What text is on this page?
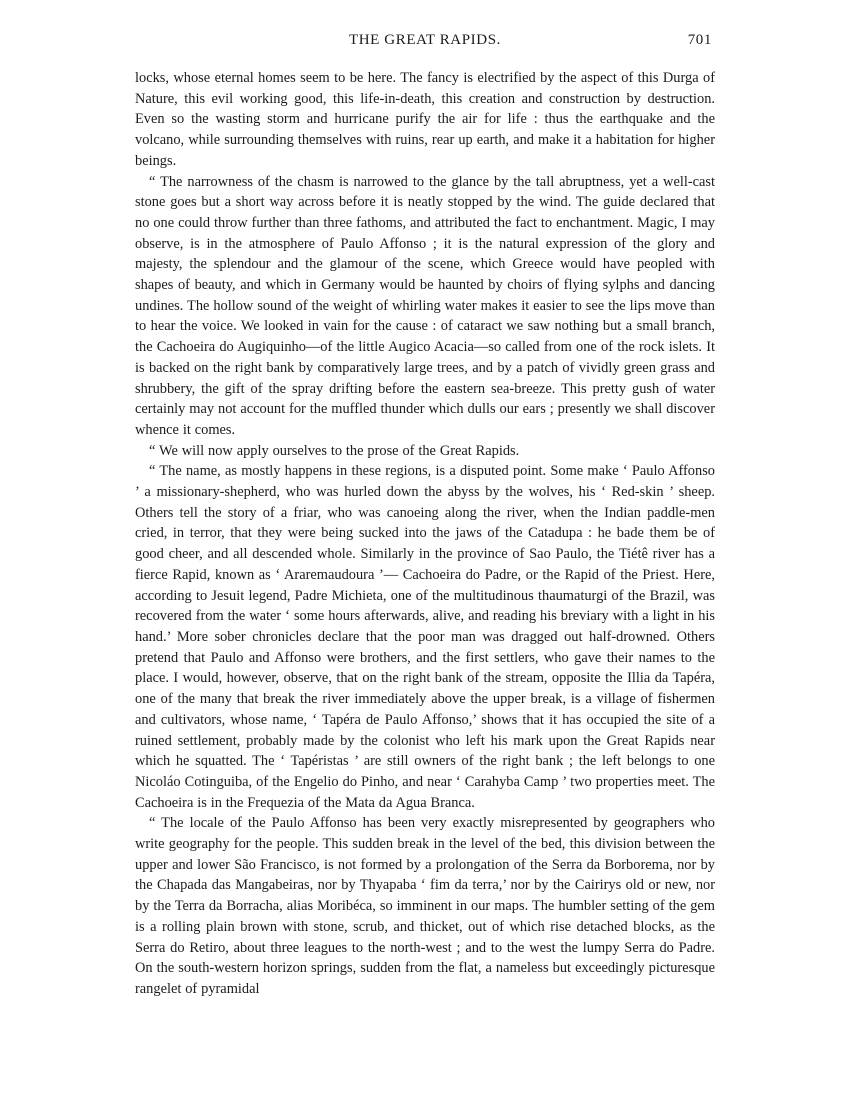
THE GREAT RAPIDS.	701

locks, whose eternal homes seem to be here. The fancy is electrified by the aspect of this Durga of Nature, this evil working good, this life-in-death, this creation and construction by destruction. Even so the wasting storm and hurricane purify the air for life : thus the earthquake and the volcano, while surrounding themselves with ruins, rear up earth, and make it a habitation for higher beings.

“ The narrowness of the chasm is narrowed to the glance by the tall abruptness, yet a well-cast stone goes but a short way across before it is neatly stopped by the wind. The guide declared that no one could throw further than three fathoms, and attributed the fact to enchantment. Magic, I may observe, is in the atmosphere of Paulo Affonso ; it is the natural expression of the glory and majesty, the splendour and the glamour of the scene, which Greece would have peopled with shapes of beauty, and which in Germany would be haunted by choirs of flying sylphs and dancing undines. The hollow sound of the weight of whirling water makes it easier to see the lips move than to hear the voice. We looked in vain for the cause : of cataract we saw nothing but a small branch, the Cachoeira do Augiquinho—of the little Augico Acacia—so called from one of the rock islets. It is backed on the right bank by comparatively large trees, and by a patch of vividly green grass and shrubbery, the gift of the spray drifting before the eastern sea-breeze. This pretty gush of water certainly may not account for the muffled thunder which dulls our ears ; presently we shall discover whence it comes.

“ We will now apply ourselves to the prose of the Great Rapids.

“ The name, as mostly happens in these regions, is a disputed point. Some make ‘ Paulo Affonso ’ a missionary-shepherd, who was hurled down the abyss by the wolves, his ‘ Red-skin ’ sheep. Others tell the story of a friar, who was canoeing along the river, when the Indian paddle-men cried, in terror, that they were being sucked into the jaws of the Catadupa : he bade them be of good cheer, and all descended whole. Similarly in the province of Sao Paulo, the Tiétê river has a fierce Rapid, known as ‘ Araremaudoura ’— Cachoeira do Padre, or the Rapid of the Priest. Here, according to Jesuit legend, Padre Michieta, one of the multitudinous thaumaturgi of the Brazil, was recovered from the water ‘ some hours afterwards, alive, and reading his breviary with a light in his hand.’ More sober chronicles declare that the poor man was dragged out half-drowned. Others pretend that Paulo and Affonso were brothers, and the first settlers, who gave their names to the place. I would, however, observe, that on the right bank of the stream, opposite the Illia da Tapéra, one of the many that break the river immediately above the upper break, is a village of fishermen and cultivators, whose name, ‘ Tapéra de Paulo Affonso,’ shows that it has occupied the site of a ruined settlement, probably made by the colonist who left his mark upon the Great Rapids near which he squatted. The ‘ Tapéristas ’ are still owners of the right bank ; the left belongs to one Nicoláo Cotinguiba, of the Engelio do Pinho, and near ‘ Carahyba Camp ’ two properties meet. The Cachoeira is in the Frequezia of the Mata da Agua Branca.

“ The locale of the Paulo Affonso has been very exactly misrepresented by geographers who write geography for the people. This sudden break in the level of the bed, this division between the upper and lower São Francisco, is not formed by a prolongation of the Serra da Borborema, nor by the Chapada das Mangabeiras, nor by Thyapaba ‘ fim da terra,’ nor by the Cairirys old or new, nor by the Terra da Borracha, alias Moribéca, so imminent in our maps. The humbler setting of the gem is a rolling plain brown with stone, scrub, and thicket, out of which rise detached blocks, as the Serra do Retiro, about three leagues to the north-west ; and to the west the lumpy Serra do Padre. On the south-western horizon springs, sudden from the flat, a nameless but exceedingly picturesque rangelet of pyramidal
